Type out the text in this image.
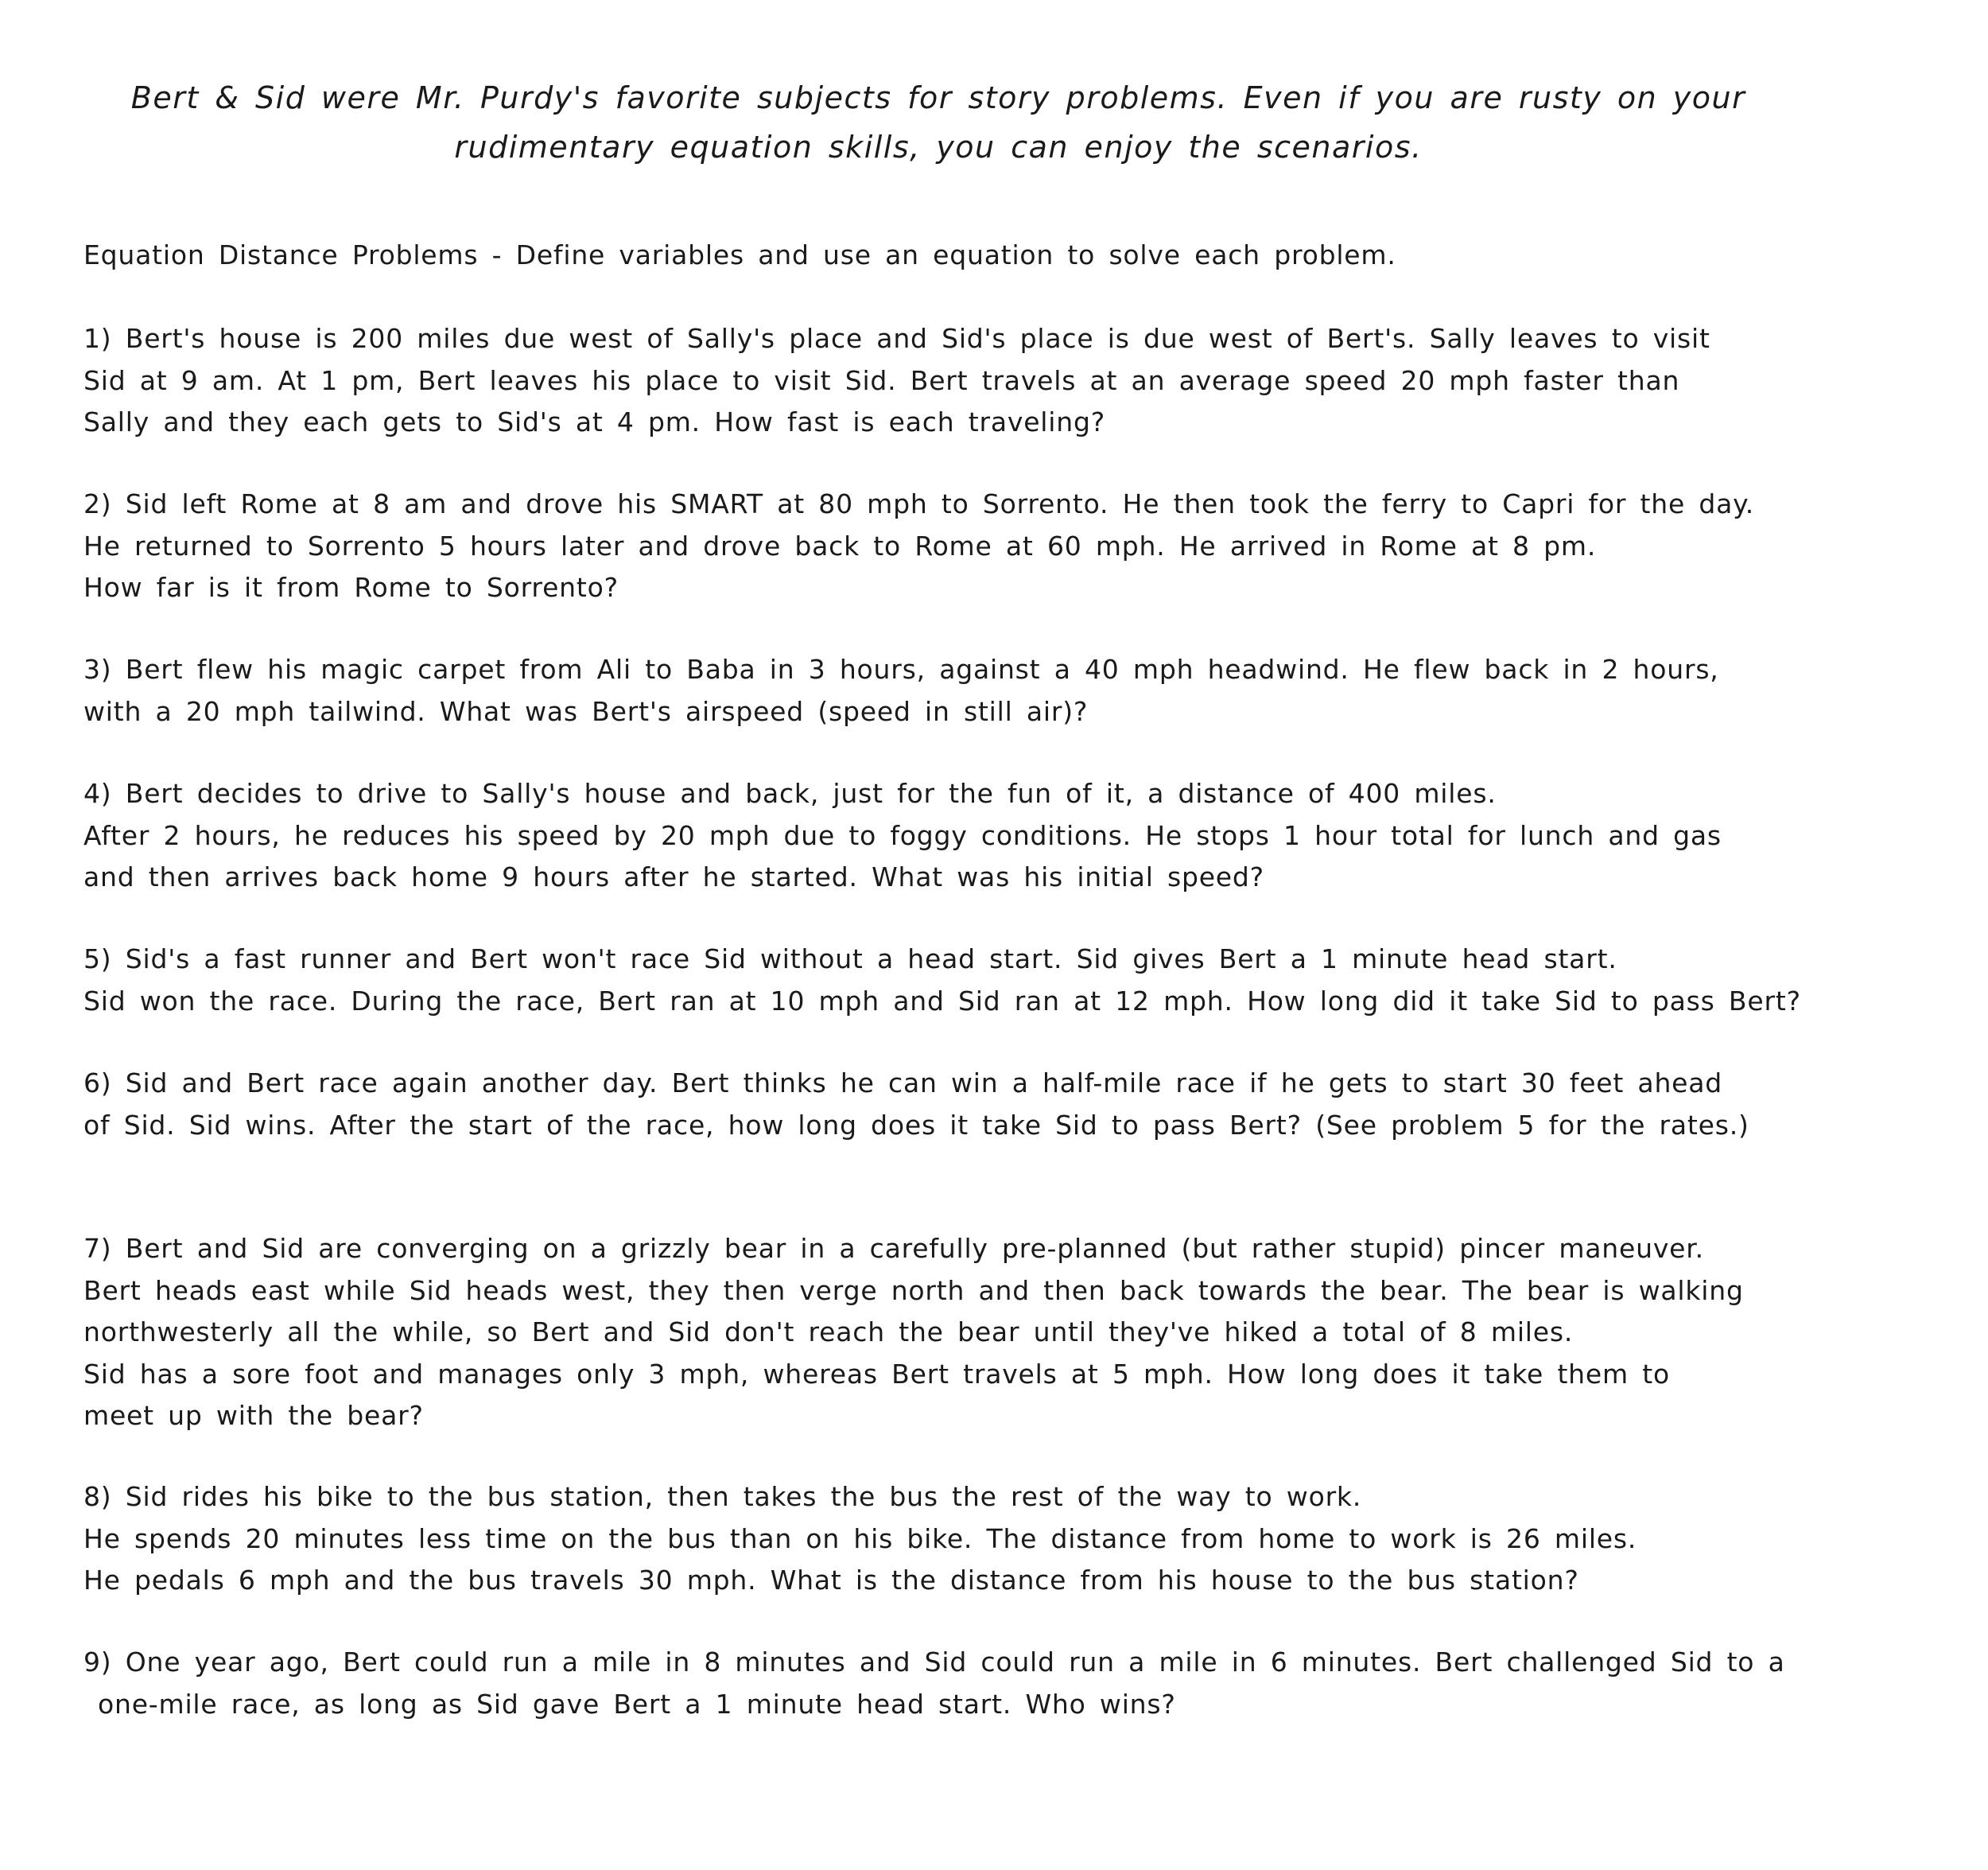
Bert & Sid were Mr. Purdy's favorite subjects for story problems. Even if you are rusty on your
rudimentary equation skills, you can enjoy the scenarios.
Equation Distance Problems - Define variables and use an equation to solve each problem.
1) Bert's house is 200 miles due west of Sally's place and Sid's place is due west of Bert's. Sally leaves to visit
Sid at 9 am. At 1 pm, Bert leaves his place to visit Sid. Bert travels at an average speed 20 mph faster than
Sally and they each gets to Sid's at 4 pm. How fast is each traveling?
2) Sid left Rome at 8 am and drove his SMART at 80 mph to Sorrento. He then took the ferry to Capri for the day.
He returned to Sorrento 5 hours later and drove back to Rome at 60 mph. He arrived in Rome at 8 pm.
How far is it from Rome to Sorrento?
3) Bert flew his magic carpet from Ali to Baba in 3 hours, against a 40 mph headwind. He flew back in 2 hours,
with a 20 mph tailwind. What was Bert's airspeed (speed in still air)?
4) Bert decides to drive to Sally's house and back, just for the fun of it, a distance of 400 miles.
After 2 hours, he reduces his speed by 20 mph due to foggy conditions. He stops 1 hour total for lunch and gas
and then arrives back home 9 hours after he started. What was his initial speed?
5) Sid's a fast runner and Bert won't race Sid without a head start. Sid gives Bert a 1 minute head start.
Sid won the race. During the race, Bert ran at 10 mph and Sid ran at 12 mph. How long did it take Sid to pass Bert?
6) Sid and Bert race again another day. Bert thinks he can win a half-mile race if he gets to start 30 feet ahead
of Sid. Sid wins. After the start of the race, how long does it take Sid to pass Bert? (See problem 5 for the rates.)
7) Bert and Sid are converging on a grizzly bear in a carefully pre-planned (but rather stupid) pincer maneuver.
Bert heads east while Sid heads west, they then verge north and then back towards the bear. The bear is walking
northwesterly all the while, so Bert and Sid don't reach the bear until they've hiked a total of 8 miles.
Sid has a sore foot and manages only 3 mph, whereas Bert travels at 5 mph. How long does it take them to
meet up with the bear?
8) Sid rides his bike to the bus station, then takes the bus the rest of the way to work.
He spends 20 minutes less time on the bus than on his bike. The distance from home to work is 26 miles.
He pedals 6 mph and the bus travels 30 mph. What is the distance from his house to the bus station?
9) One year ago, Bert could run a mile in 8 minutes and Sid could run a mile in 6 minutes. Bert challenged Sid to a
one-mile race, as long as Sid gave Bert a 1 minute head start. Who wins?
